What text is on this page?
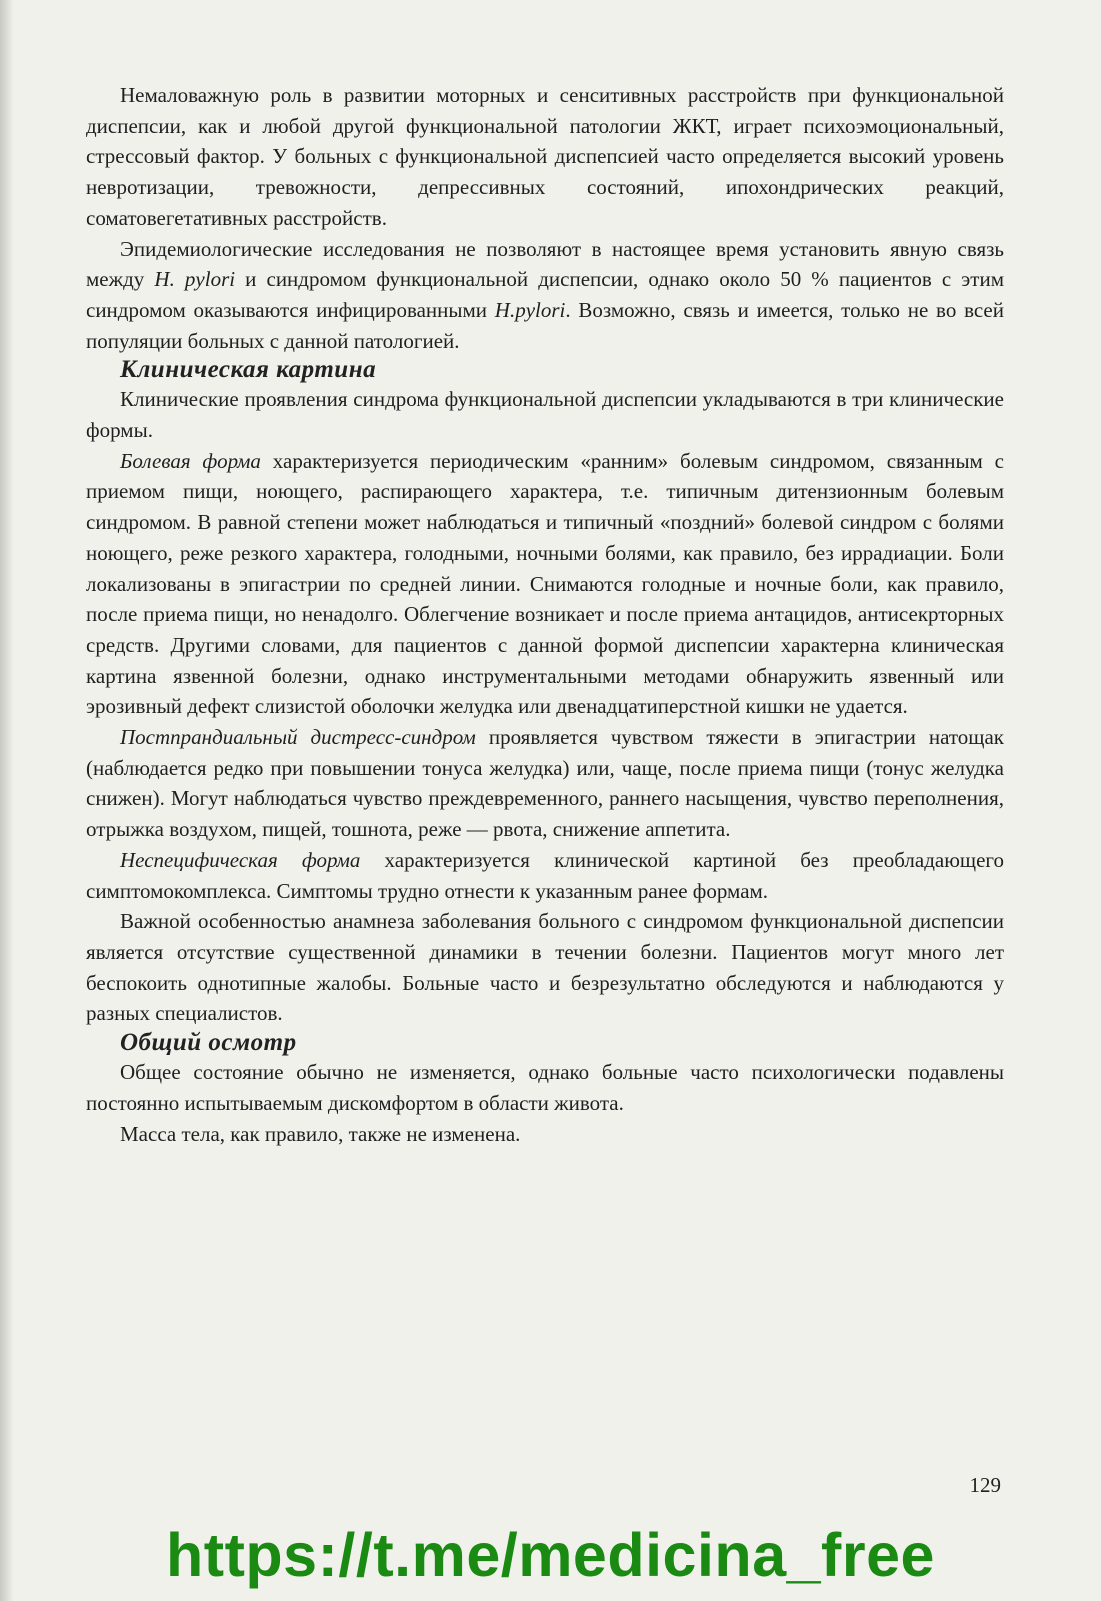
Немаловажную роль в развитии моторных и сенситивных расстройств при функциональной диспепсии, как и любой другой функциональной патологии ЖКТ, играет психоэмоциональный, стрессовый фактор. У больных с функциональной диспепсией часто определяется высокий уровень невротизации, тревожности, депрессивных состояний, ипохондрических реакций, соматовегетативных расстройств.

Эпидемиологические исследования не позволяют в настоящее время установить явную связь между H. pylori и синдромом функциональной диспепсии, однако около 50 % пациентов с этим синдромом оказываются инфицированными H.pylori. Возможно, связь и имеется, только не во всей популяции больных с данной патологией.

Клиническая картина

Клинические проявления синдрома функциональной диспепсии укладываются в три клинические формы.

Болевая форма характеризуется периодическим «ранним» болевым синдромом, связанным с приемом пищи, ноющего, распирающего характера, т.е. типичным дитензионным болевым синдромом. В равной степени может наблюдаться и типичный «поздний» болевой синдром с болями ноющего, реже резкого характера, голодными, ночными болями, как правило, без иррадиации. Боли локализованы в эпигастрии по средней линии. Снимаются голодные и ночные боли, как правило, после приема пищи, но ненадолго. Облегчение возникает и после приема антацидов, антисекрторных средств. Другими словами, для пациентов с данной формой диспепсии характерна клиническая картина язвенной болезни, однако инструментальными методами обнаружить язвенный или эрозивный дефект слизистой оболочки желудка или двенадцатиперстной кишки не удается.

Постпрандиальный дистресс-синдром проявляется чувством тяжести в эпигастрии натощак (наблюдается редко при повышении тонуса желудка) или, чаще, после приема пищи (тонус желудка снижен). Могут наблюдаться чувство преждевременного, раннего насыщения, чувство переполнения, отрыжка воздухом, пищей, тошнота, реже — рвота, снижение аппетита.

Неспецифическая форма характеризуется клинической картиной без преобладающего симптомокомплекса. Симптомы трудно отнести к указанным ранее формам.

Важной особенностью анамнеза заболевания больного с синдромом функциональной диспепсии является отсутствие существенной динамики в течении болезни. Пациентов могут много лет беспокоить однотипные жалобы. Больные часто и безрезультатно обследуются и наблюдаются у разных специалистов.

Общий осмотр

Общее состояние обычно не изменяется, однако больные часто психологически подавлены постоянно испытываемым дискомфортом в области живота.

Масса тела, как правило, также не изменена.

129
https://t.me/medicina_free
